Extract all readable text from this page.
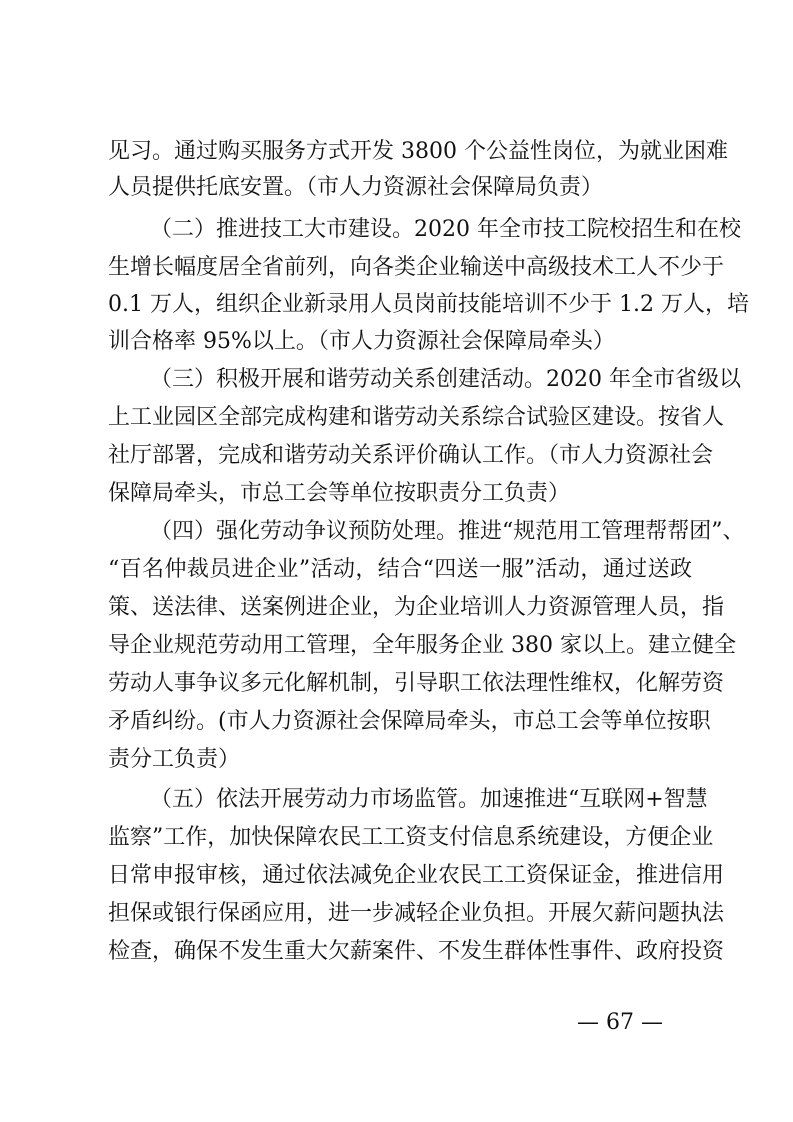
见习。通过购买服务方式开发 3800 个公益性岗位，为就业困难
人员提供托底安置。（市人力资源社会保障局负责）
（二）推进技工大市建设。2020 年全市技工院校招生和在校
生增长幅度居全省前列，向各类企业输送中高级技术工人不少于
0.1 万人，组织企业新录用人员岗前技能培训不少于 1.2 万人，培
训合格率 95%以上。（市人力资源社会保障局牵头）
（三）积极开展和谐劳动关系创建活动。2020 年全市省级以
上工业园区全部完成构建和谐劳动关系综合试验区建设。按省人
社厅部署，完成和谐劳动关系评价确认工作。（市人力资源社会
保障局牵头，市总工会等单位按职责分工负责）
（四）强化劳动争议预防处理。推进“规范用工管理帮帮团”、
“百名仲裁员进企业”活动，结合“四送一服”活动，通过送政
策、送法律、送案例进企业，为企业培训人力资源管理人员，指
导企业规范劳动用工管理，全年服务企业 380 家以上。建立健全
劳动人事争议多元化解机制，引导职工依法理性维权，化解劳资
矛盾纠纷。(市人力资源社会保障局牵头，市总工会等单位按职
责分工负责）
（五）依法开展劳动力市场监管。加速推进“互联网+智慧
监察”工作，加快保障农民工工资支付信息系统建设，方便企业
日常申报审核，通过依法减免企业农民工工资保证金，推进信用
担保或银行保函应用，进一步减轻企业负担。开展欠薪问题执法
检查，确保不发生重大欠薪案件、不发生群体性事件、政府投资
— 67 —
